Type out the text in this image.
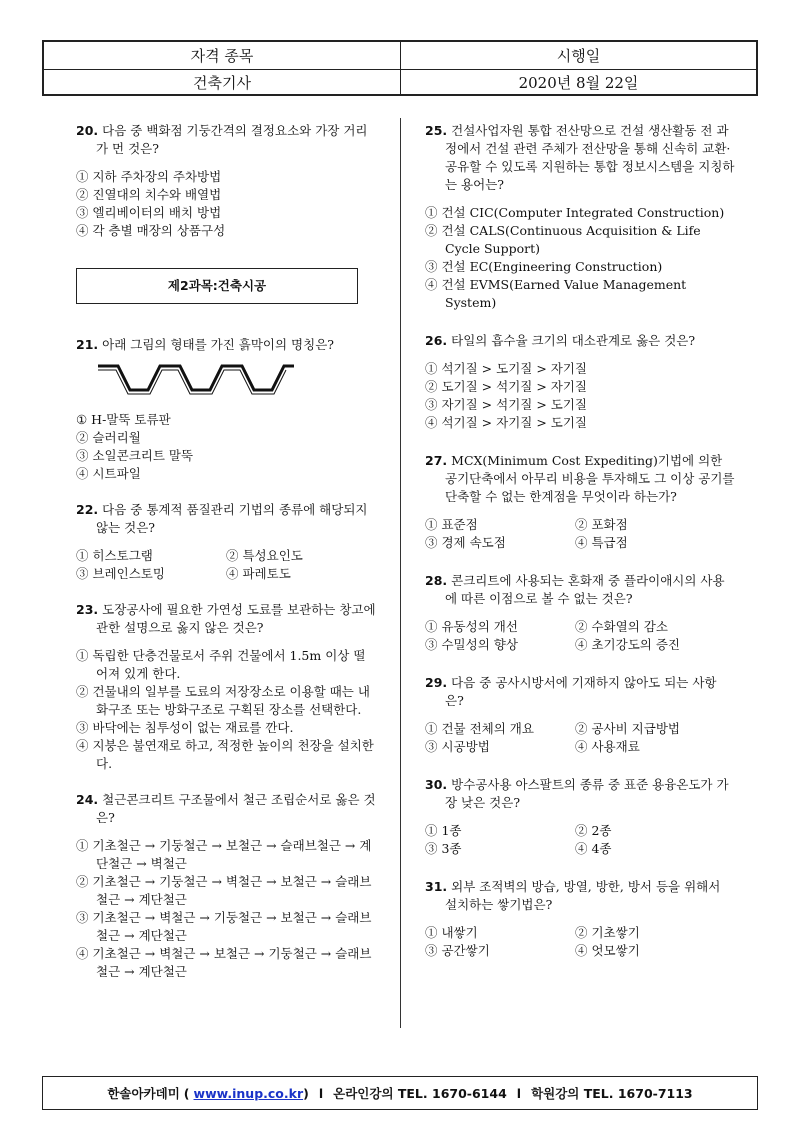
자격 종목	시행일
건축기사	2020년 8월 22일
20. 다음 중 백화점 기둥간격의 결정요소와 가장 거리가 먼 것은?
① 지하 주차장의 주차방법
② 진열대의 치수와 배열법
③ 엘리베이터의 배치 방법
④ 각 층별 매장의 상품구성
제2과목:건축시공
21. 아래 그림의 형태를 가진 흙막이의 명칭은?
① H-말뚝 토류판
② 슬러리월
③ 소일콘크리트 말뚝
④ 시트파일
22. 다음 중 통계적 품질관리 기법의 종류에 해당되지 않는 것은?
① 히스토그램	② 특성요인도
③ 브레인스토밍	④ 파레토도
23. 도장공사에 필요한 가연성 도료를 보관하는 창고에 관한 설명으로 옳지 않은 것은?
① 독립한 단층건물로서 주위 건물에서 1.5m 이상 떨어져 있게 한다.
② 건물내의 일부를 도료의 저장장소로 이용할 때는 내화구조 또는 방화구조로 구획된 장소를 선택한다.
③ 바닥에는 침투성이 없는 재료를 깐다.
④ 지붕은 불연재로 하고, 적정한 높이의 천장을 설치한다.
24. 철근콘크리트 구조물에서 철근 조립순서로 옳은 것은?
① 기초철근 → 기둥철근 → 보철근 → 슬래브철근 → 계단철근 → 벽철근
② 기초철근 → 기둥철근 → 벽철근 → 보철근 → 슬래브철근 → 계단철근
③ 기초철근 → 벽철근 → 기둥철근 → 보철근 → 슬래브철근 → 계단철근
④ 기초철근 → 벽철근 → 보철근 → 기둥철근 → 슬래브철근 → 계단철근
25. 건설사업자원 통합 전산망으로 건설 생산활동 전 과정에서 건설 관련 주체가 전산망을 통해 신속히 교환·공유할 수 있도록 지원하는 통합 정보시스템을 지칭하는 용어는?
① 건설 CIC(Computer Integrated Construction)
② 건설 CALS(Continuous Acquisition & Life Cycle Support)
③ 건설 EC(Engineering Construction)
④ 건설 EVMS(Earned Value Management System)
26. 타일의 흡수율 크기의 대소관계로 옳은 것은?
① 석기질 > 도기질 > 자기질
② 도기질 > 석기질 > 자기질
③ 자기질 > 석기질 > 도기질
④ 석기질 > 자기질 > 도기질
27. MCX(Minimum Cost Expediting)기법에 의한 공기단축에서 아무리 비용을 투자해도 그 이상 공기를 단축할 수 없는 한계점을 무엇이라 하는가?
① 표준점	② 포화점
③ 경제 속도점	④ 특급점
28. 콘크리트에 사용되는 혼화재 중 플라이애시의 사용에 따른 이점으로 볼 수 없는 것은?
① 유동성의 개선	② 수화열의 감소
③ 수밀성의 향상	④ 초기강도의 증진
29. 다음 중 공사시방서에 기재하지 않아도 되는 사항은?
① 건물 전체의 개요	② 공사비 지급방법
③ 시공방법	④ 사용재료
30. 방수공사용 아스팔트의 종류 중 표준 용융온도가 가장 낮은 것은?
① 1종	② 2종
③ 3종	④ 4종
31. 외부 조적벽의 방습, 방열, 방한, 방서 등을 위해서 설치하는 쌓기법은?
① 내쌓기	② 기초쌓기
③ 공간쌓기	④ 엇모쌓기
한솔아카데미 ( www.inup.co.kr ) l 온라인강의 TEL. 1670-6144 l 학원강의 TEL. 1670-7113
